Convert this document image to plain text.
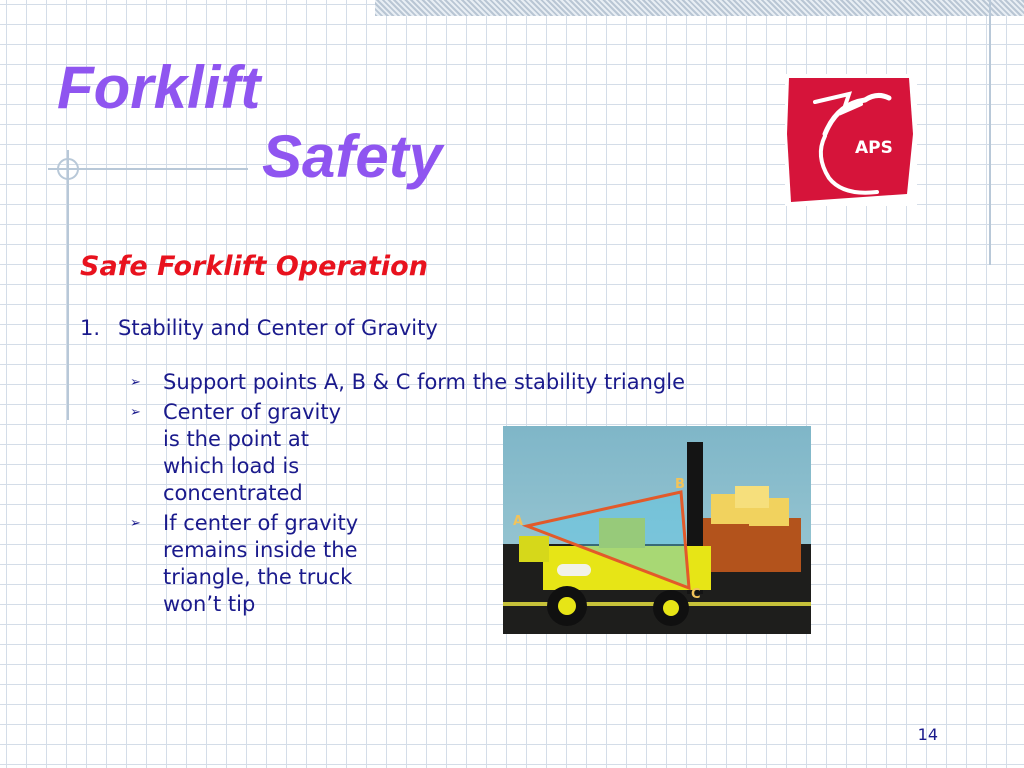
Forklift
Safety	APS
Safe Forklift Operation
1. Stability and Center of Gravity
➢ Support points A, B & C form the stability triangle
➢ Center of gravity
is the point at
which load is
concentrated
➢ If center of gravity
remains inside the
triangle, the truck
won’t tip
A
B
C
14
